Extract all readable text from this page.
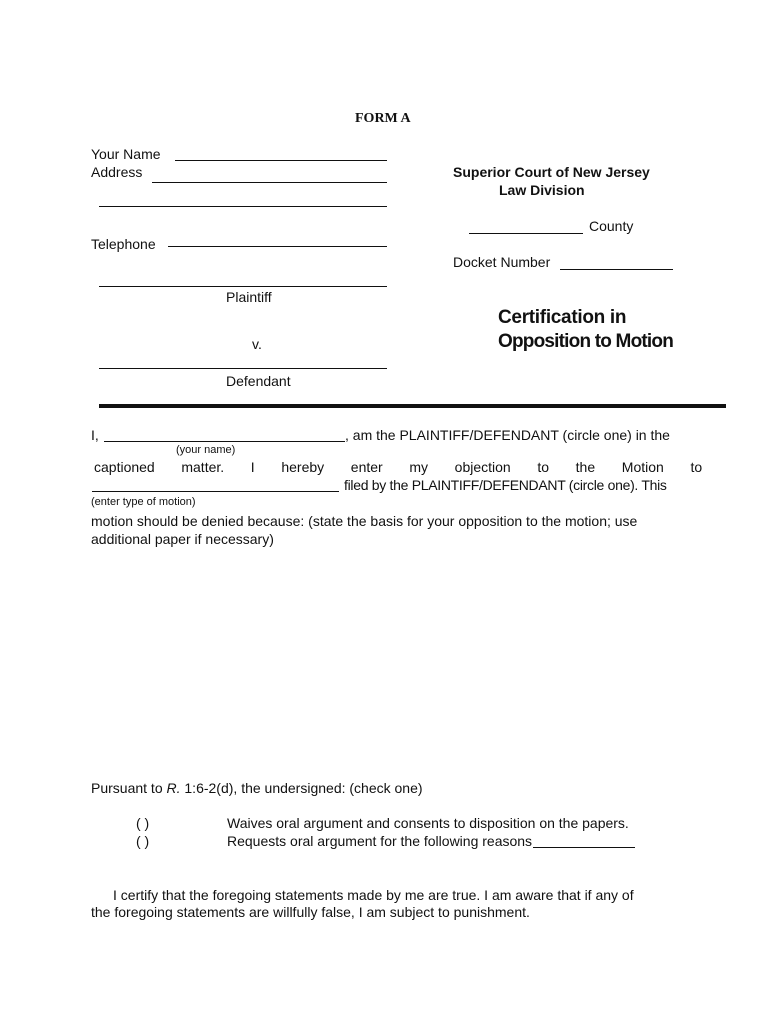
FORM A
Your Name
Address
Telephone
Plaintiff
v.
Defendant
Superior Court of New Jersey
Law Division
County
Docket Number
Certification in
Opposition to Motion
I,	, am the PLAINTIFF/DEFENDANT (circle one) in the
(your name)
captioned matter. I hereby enter my objection to the Motion to
filed by the PLAINTIFF/DEFENDANT (circle one). This
(enter type of motion)
motion should be denied because: (state the basis for your opposition to the motion; use
additional paper if necessary)
Pursuant to R. 1:6-2(d), the undersigned: (check one)
( )	Waives oral argument and consents to disposition on the papers.
( )	Requests oral argument for the following reasons
I certify that the foregoing statements made by me are true. I am aware that if any of
the foregoing statements are willfully false, I am subject to punishment.
